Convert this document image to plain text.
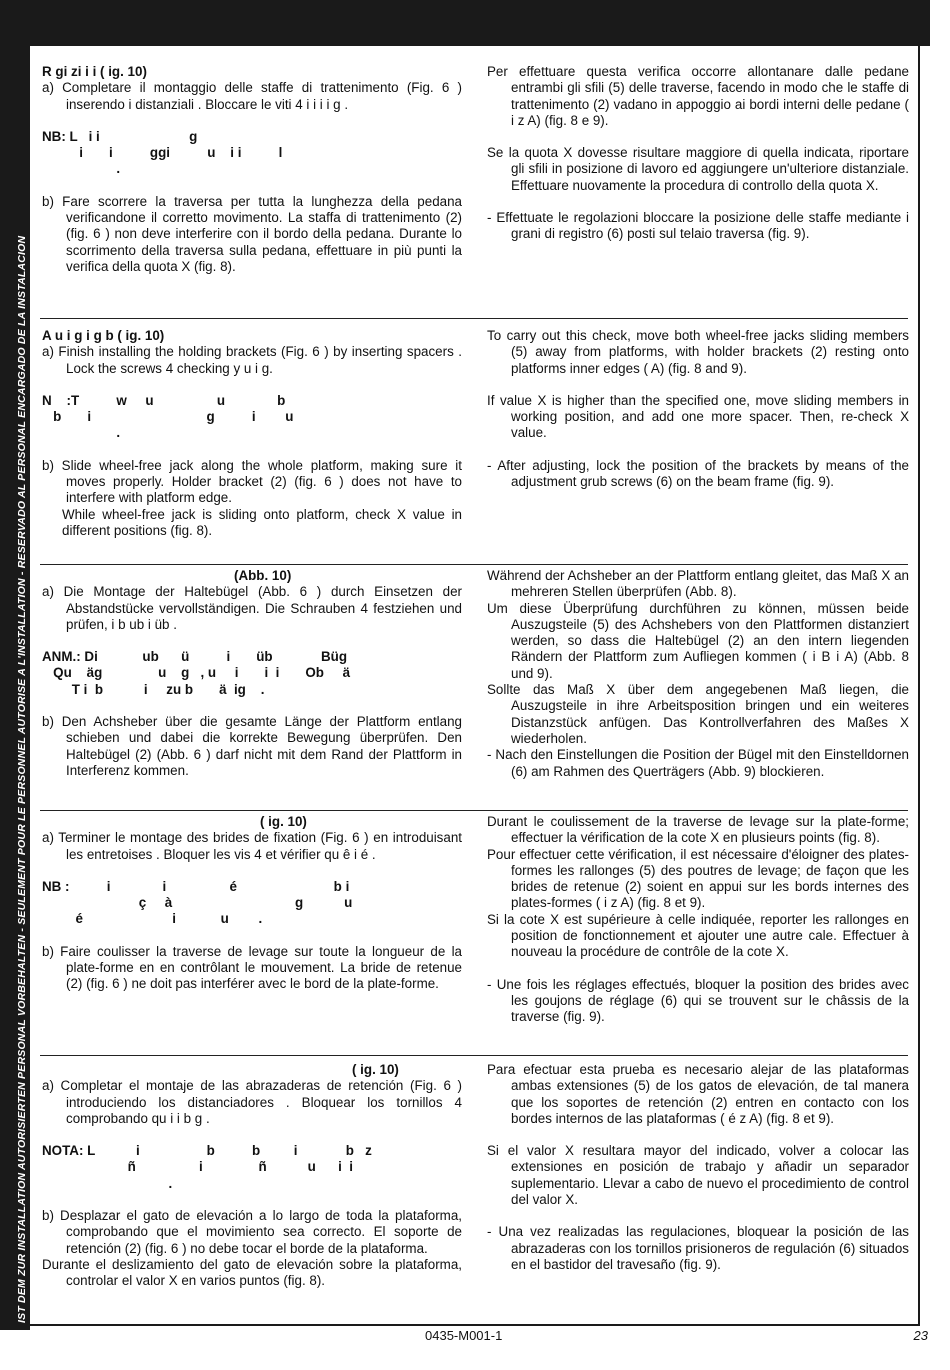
IST DEM ZUR INSTALLATION AUTORISIERTEN PERSONAL VORBEHALTEN - SEULEMENT POUR LE PERSONNEL AUTORISE A L'INSTALLATION - RESERVADO AL PERSONAL ENCARGADO DE LA INSTALACION

R gi zi i i ( ig. 10)

a) Completare il montaggio delle staffe di trattenimento (Fig. 6 ) inserendo i distanziali . Bloccare le viti 4 i i i i g .

NB: L   i i                        g
i       i          ggi          u    i i          l
.

b) Fare scorrere la traversa per tutta la lunghezza della pedana verificandone il corretto movimento. La staffa di trattenimento (2) (fig. 6 ) non deve interferire con il bordo della pedana. Durante lo scorrimento della traversa sulla pedana, effettuare in più punti la verifica della quota X (fig. 8).

Per effettuare questa verifica occorre allontanare dalle pedane entrambi gli sfili (5) delle traverse, facendo in modo che le staffe di trattenimento (2) vadano in appoggio ai bordi interni delle pedane ( i z A) (fig. 8 e 9).

Se la quota X dovesse risultare maggiore di quella indicata, riportare gli sfili in posizione di lavoro ed aggiungere un'ulteriore distanziale. Effettuare nuovamente la procedura di controllo della quota X.

- Effettuate le regolazioni bloccare la posizione delle staffe mediante i grani di registro (6) posti sul telaio traversa (fig. 9).

A u i g i g b ( ig. 10)

a) Finish installing the holding brackets (Fig. 6 ) by inserting spacers . Lock the screws 4 checking y u i g.

N    :T          w     u                 u              b
b       i                               g          i        u
.

b) Slide wheel-free jack along the whole platform, making sure it moves properly. Holder bracket (2) (fig. 6 ) does not have to interfere with platform edge.

While wheel-free jack is sliding onto platform, check X value in different positions (fig. 8).

To carry out this check, move both wheel-free jacks sliding members (5) away from platforms, with holder brackets (2) resting onto platforms inner edges ( A) (fig. 8 and 9).

If value X is higher than the specified one, move sliding members in working position, and add one more spacer. Then, re-check X value.

- After adjusting, lock the position of the brackets by means of the adjustment grub screws (6) on the beam frame (fig. 9).

(Abb. 10)

a) Die Montage der Haltebügel (Abb. 6 ) durch Einsetzen der Abstandstücke vervollständigen. Die Schrauben 4 festziehen und prüfen, i b ub i üb .

ANM.: Di            ub      ü          i       üb             Büg
Qu    äg               u    g   , u     i       i  i       Ob     ä
T i  b           i     zu b       ä  ig    .

b) Den Achsheber über die gesamte Länge der Plattform entlang schieben und dabei die korrekte Bewegung überprüfen. Den Haltebügel (2) (Abb. 6 ) darf nicht mit dem Rand der Plattform in Interferenz kommen.

Während der Achsheber an der Plattform entlang gleitet, das Maß X an mehreren Stellen überprüfen (Abb. 8).

Um diese Überprüfung durchführen zu können, müssen beide Auszugsteile (5) des Achshebers von den Plattformen distanziert werden, so dass die Haltebügel (2) an den intern liegenden Rändern der Plattform zum Aufliegen kommen ( i B i A) (Abb. 8 und 9).

Sollte das Maß X über dem angegebenen Maß liegen, die Auszugsteile in ihre Arbeitsposition bringen und ein weiteres Distanzstück anfügen. Das Kontrollverfahren des Maßes X wiederholen.

- Nach den Einstellungen die Position der Bügel mit den Einstelldornen (6) am Rahmen des Querträgers (Abb. 9) blockieren.

( ig. 10)

a) Terminer le montage des brides de fixation (Fig. 6 ) en introduisant les entretoises . Bloquer les vis 4 et vérifier qu ê i é .

NB :          i              i                 é                          b i
ç     à                                 g           u
é                        i            u        .

b) Faire coulisser la traverse de levage sur toute la longueur de la plate-forme en en contrôlant le mouvement. La bride de retenue (2) (fig. 6 ) ne doit pas interférer avec le bord de la plate-forme.

Durant le coulissement de la traverse de levage sur la plate-forme; effectuer la vérification de la cote X en plusieurs points (fig. 8).

Pour effectuer cette vérification, il est nécessaire d'éloigner des plates-formes les rallonges (5) des poutres de levage; de façon que les brides de retenue (2) soient en appui sur les bords internes des plates-formes ( i z A) (fig. 8 et 9).

Si la cote X est supérieure à celle indiquée, reporter les rallonges en position de fonctionnement et ajouter une autre cale. Effectuer à nouveau la procédure de contrôle de la cote X.

- Une fois les réglages effectués, bloquer la position des brides avec les goujons de réglage (6) qui se trouvent sur le châssis de la traverse (fig. 9).

( ig. 10)

a) Completar el montaje de las abrazaderas de retención (Fig. 6 ) introduciendo los distanciadores . Bloquear los tornillos 4 comprobando qu i i b g .

NOTA: L           i                  b          b         i             b   z
ñ                 i               ñ           u      i  i
.

b) Desplazar el gato de elevación a lo largo de toda la plataforma, comprobando que el movimiento sea correcto. El soporte de retención (2) (fig. 6 ) no debe tocar el borde de la plataforma.

Durante el deslizamiento del gato de elevación sobre la plataforma, controlar el valor X en varios puntos (fig. 8).

Para efectuar esta prueba es necesario alejar de las plataformas ambas extensiones (5) de los gatos de elevación, de tal manera que los soportes de retención (2) entren en contacto con los bordes internos de las plataformas ( é z A) (fig. 8 et 9).

Si el valor X resultara mayor del indicado, volver a colocar las extensiones en posición de trabajo y añadir un separador suplementario. Llevar a cabo de nuevo el procedimiento de control del valor X.

- Una vez realizadas las regulaciones, bloquear la posición de las abrazaderas con los tornillos prisioneros de regulación (6) situados en el bastidor del travesaño (fig. 9).

0435-M001-1	23
